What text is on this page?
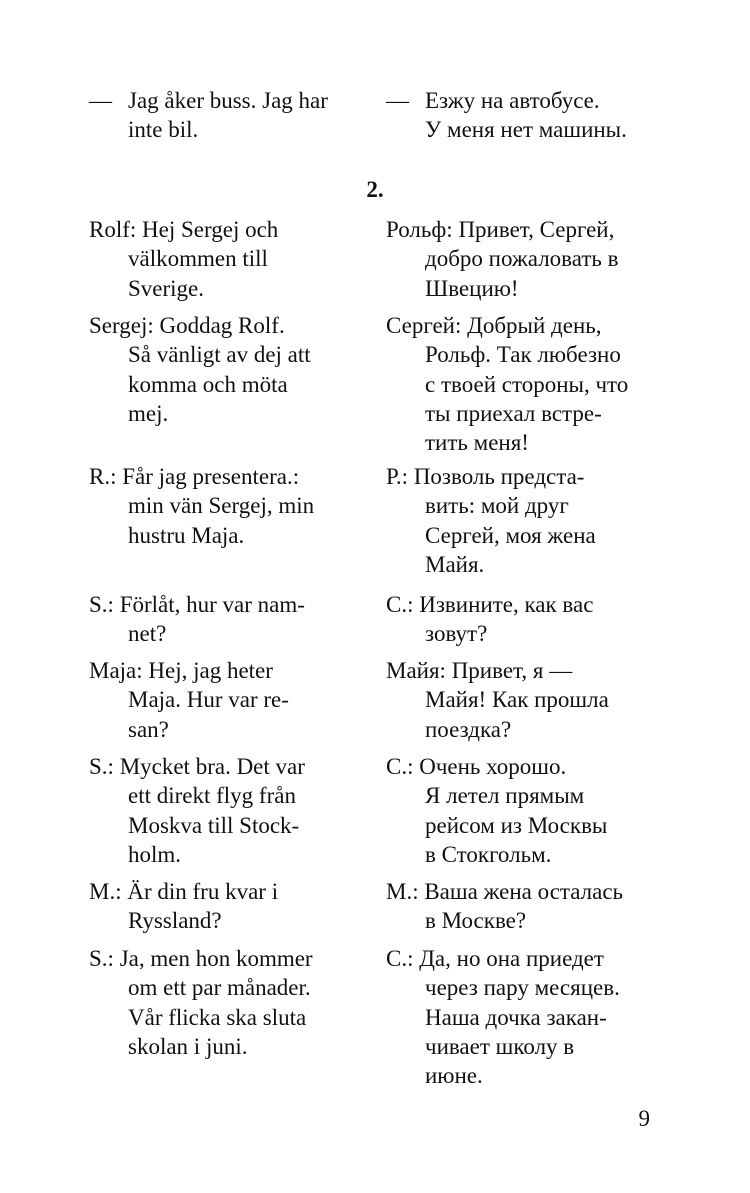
— Jag åker buss. Jag har
inte bil.
— Езжу на автобусе.
У меня нет машины.
2.
Rolf: Hej Sergej och
välkommen till
Sverige.
Sergej: Goddag Rolf.
Så vänligt av dej att
komma och möta
mej.
R.: Får jag presentera.:
min vän Sergej, min
hustru Maja.
S.: Förlåt, hur var nam-
net?
Maja: Hej, jag heter
Maja. Hur var re-
san?
S.: Mycket bra. Det var
ett direkt flyg från
Moskva till Stock-
holm.
M.: Är din fru kvar i
Ryssland?
S.: Ja, men hon kommer
om ett par månader.
Vår flicka ska sluta
skolan i juni.
Рольф: Привет, Сергей,
добро пожаловать в
Швецию!
Сергей: Добрый день,
Рольф. Так любезно
с твоей стороны, что
ты приехал встре-
тить меня!
Р.: Позволь предста-
вить: мой друг
Сергей, моя жена
Майя.
С.: Извините, как вас
зовут?
Майя: Привет, я —
Майя! Как прошла
поездка?
С.: Очень хорошо.
Я летел прямым
рейсом из Москвы
в Стокгольм.
М.: Ваша жена осталась
в Москве?
С.: Да, но она приедет
через пару месяцев.
Наша дочка закан-
чивает школу в
июне.
9
